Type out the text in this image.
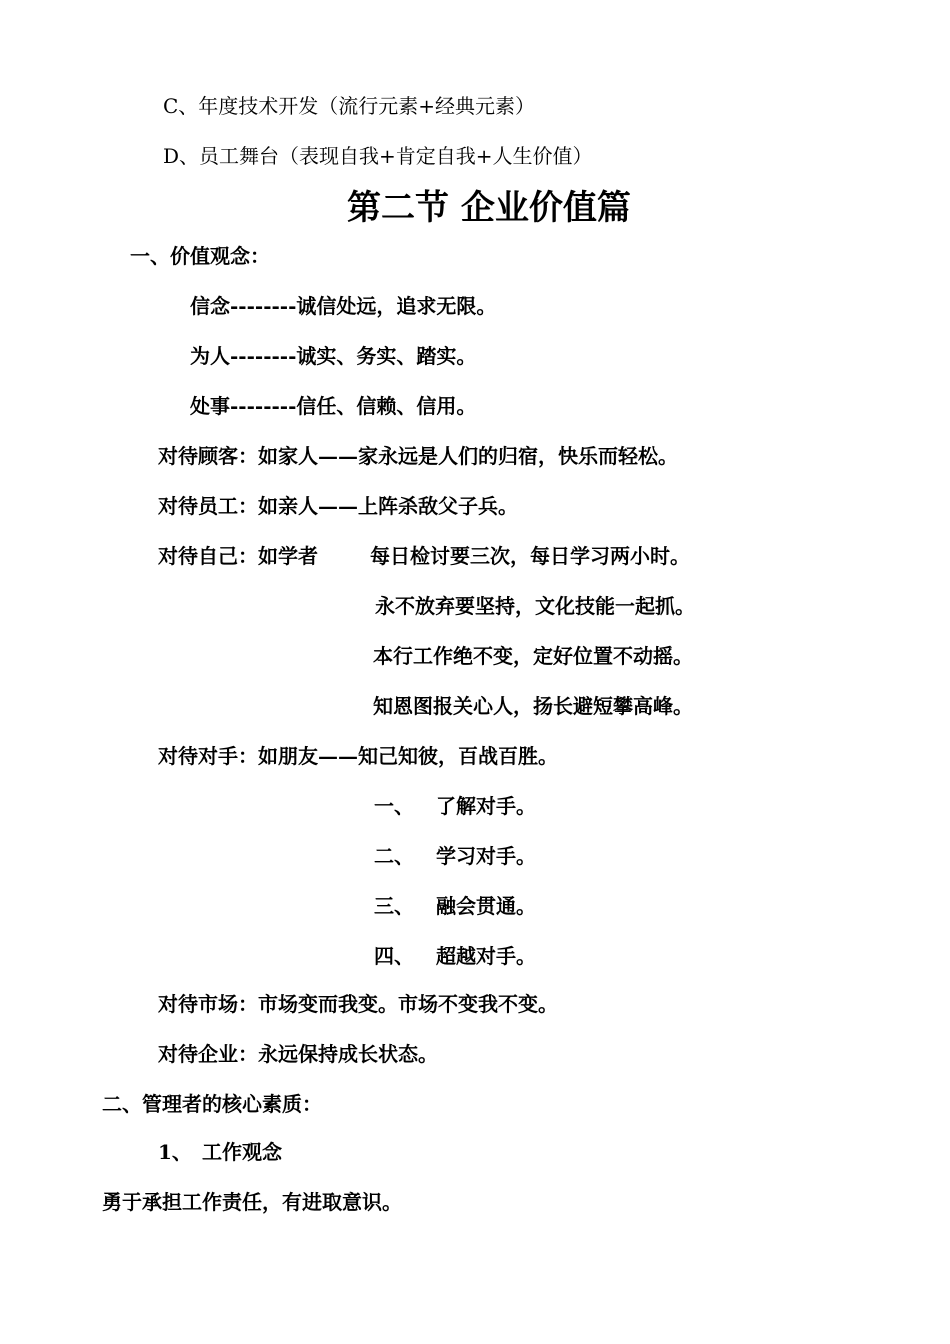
C、年度技术开发（流行元素+经典元素）
D、员工舞台（表现自我+肯定自我+人生价值）
第二节 企业价值篇
一、价值观念：
信念--------诚信处远，追求无限。
为人--------诚实、务实、踏实。
处事--------信任、信赖、信用。
对待顾客：如家人——家永远是人们的归宿，快乐而轻松。
对待员工：如亲人——上阵杀敌父子兵。
对待自己：如学者	每日检讨要三次，每日学习两小时。
永不放弃要坚持，文化技能一起抓。
本行工作绝不变，定好位置不动摇。
知恩图报关心人，扬长避短攀高峰。
对待对手：如朋友——知己知彼，百战百胜。
一、 了解对手。
二、 学习对手。
三、 融会贯通。
四、 超越对手。
对待市场：市场变而我变。市场不变我不变。
对待企业：永远保持成长状态。
二、管理者的核心素质：
1、 工作观念
勇于承担工作责任，有进取意识。
